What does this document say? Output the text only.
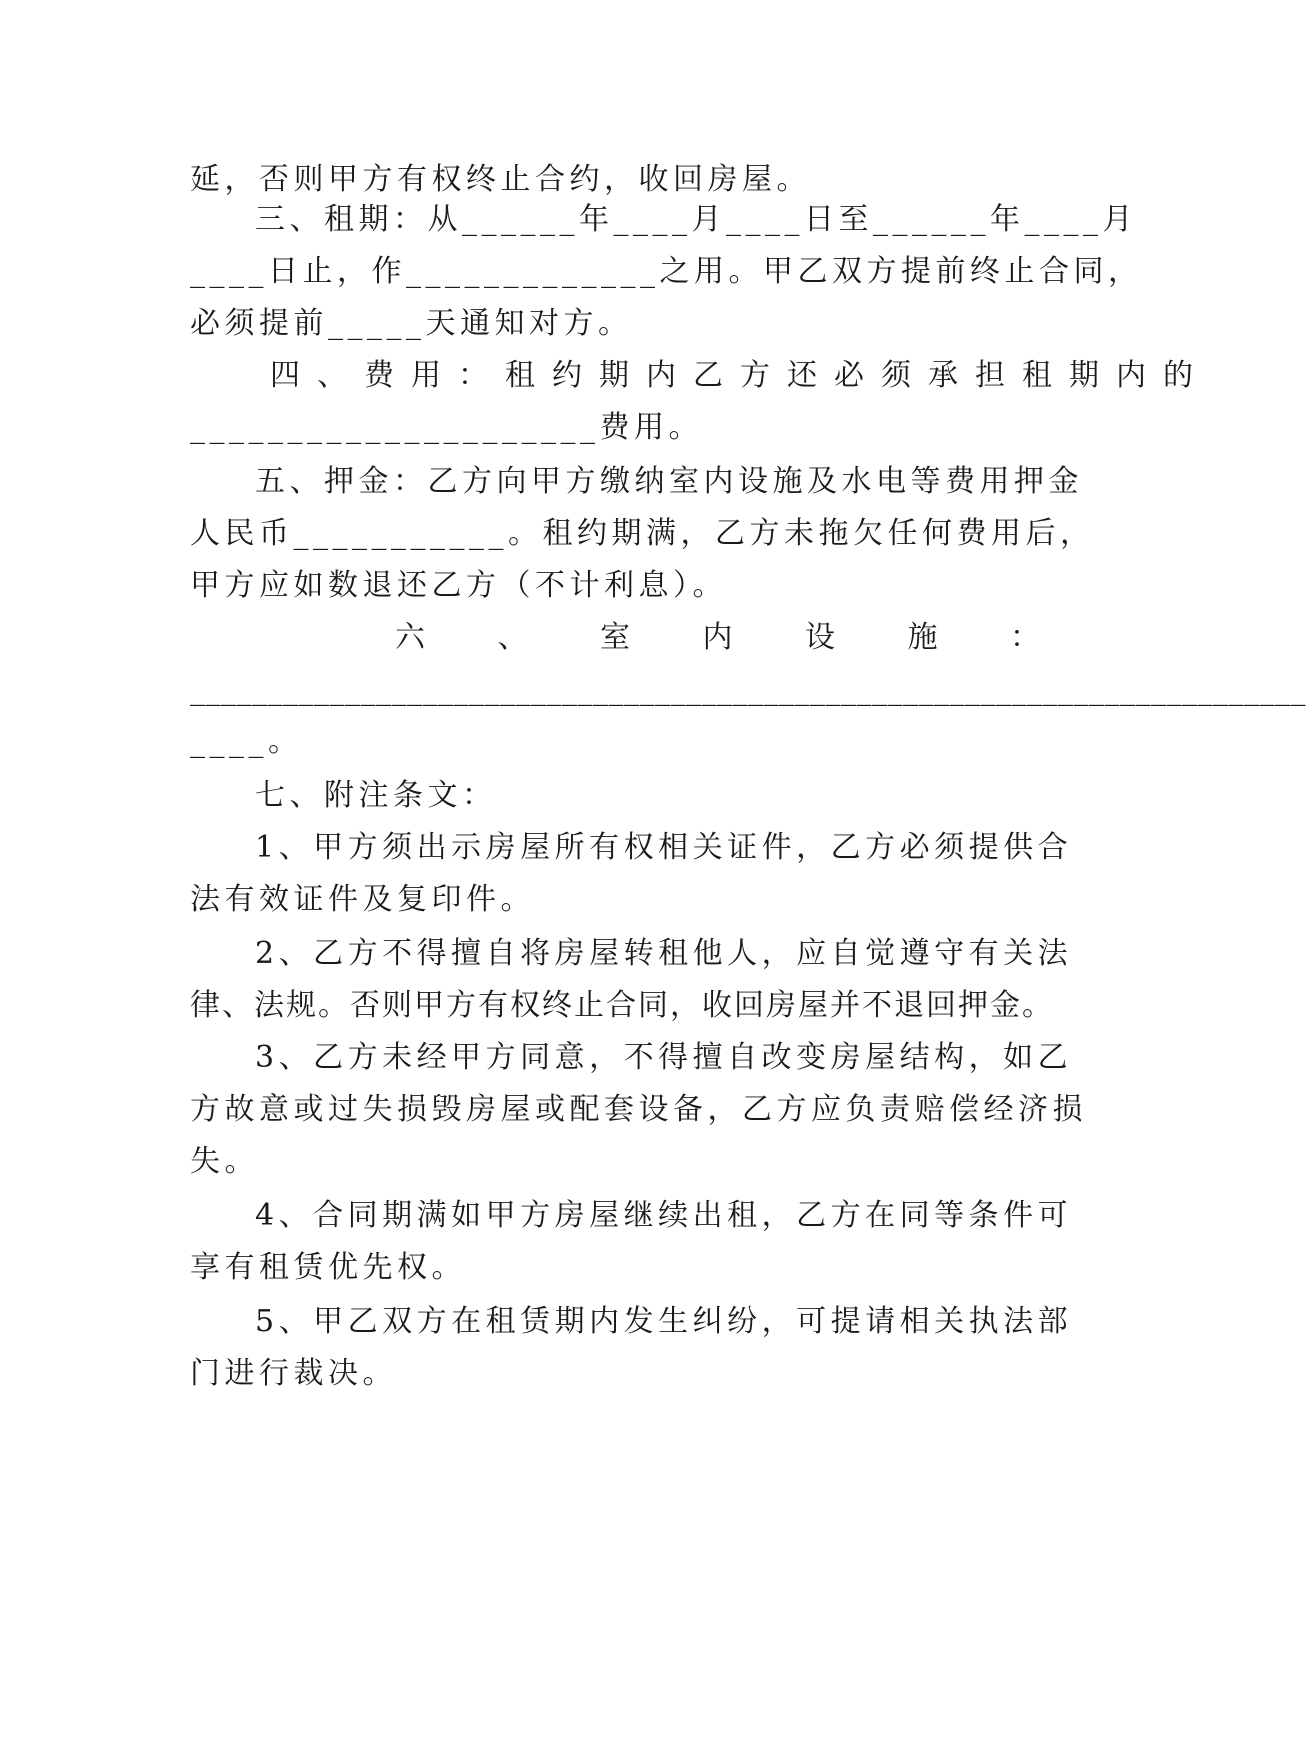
延，否则甲方有权终止合约，收回房屋。
三、租期：从______年____月____日至______年____月
____日止，作_____________之用。甲乙双方提前终止合同，
必须提前_____天通知对方。
四、费用：租约期内乙方还必须承担租期内的
_____________________费用。
五、押金：乙方向甲方缴纳室内设施及水电等费用押金
人民币___________。租约期满，乙方未拖欠任何费用后，
甲方应如数退还乙方（不计利息）。
六 、 室 内 设 施 ：
________________________________________________________________________
____。
七、附注条文：
1、甲方须出示房屋所有权相关证件，乙方必须提供合
法有效证件及复印件。
2、乙方不得擅自将房屋转租他人，应自觉遵守有关法
律、法规。否则甲方有权终止合同，收回房屋并不退回押金。
3、乙方未经甲方同意，不得擅自改变房屋结构，如乙
方故意或过失损毁房屋或配套设备，乙方应负责赔偿经济损
失。
4、合同期满如甲方房屋继续出租，乙方在同等条件可
享有租赁优先权。
5、甲乙双方在租赁期内发生纠纷，可提请相关执法部
门进行裁决。
